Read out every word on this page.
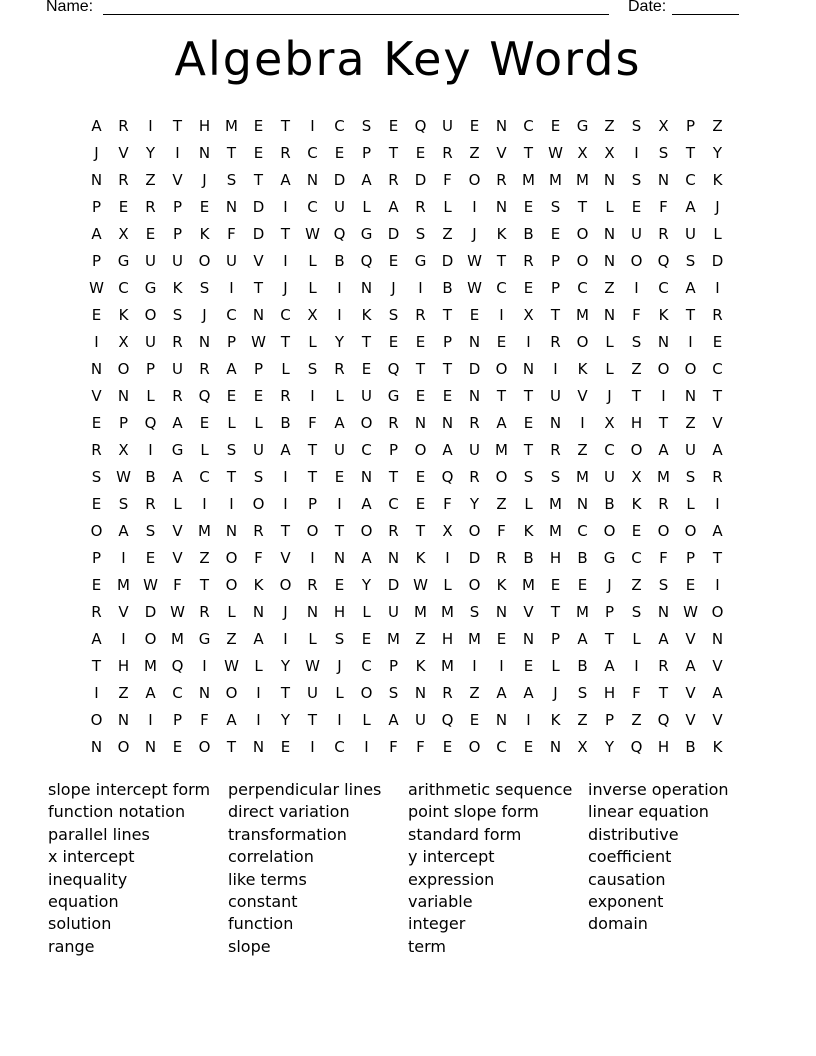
Name:	Date:
Algebra Key Words
A	R	I	T	H M	E	T	I	C	S	E	Q	U	E	N	C	E	G	Z	S	X	P	Z
J	V	Y	I	N	T	E	R	C	E	P	T	E	R	Z	V	T	W X	X	I	S	T	Y
N	R	Z	V	J	S	T	A	N	D	A	R	D	F	O	R	M M M N	S	N	C	K
P	E	R	P	E	N	D	I	C	U	L	A	R	L	I	N	E	S	T	L	E	F	A	J
A	X	E	P	K	F	D	T	W Q	G	D	S	Z	J	K	B	E	O	N	U	R	U	L
P	G	U	U	O	U	V	I	L	B	Q	E	G	D W T	R	P	O	N	O	Q	S	D
W C	G	K	S	I	T	J	L	I	N	J	I	B W C	E	P	C	Z	I	C	A	I
E	K	O	S	J	C	N	C	X	I	K	S	R	T	E	I	X	T	M N	F	K	T	R
I	X	U	R	N	P	W T	L	Y	T	E	E	P	N	E	I	R	O	L	S	N	I	E
N	O	P	U	R	A	P	L	S	R	E	Q	T	T	D	O	N	I	K	L	Z	O	O	C
V	N	L	R	Q	E	E	R	I	L	U	G	E	E	N	T	T	U	V	J	T	I	N	T
E	P	Q	A	E	L	L	B	F	A	O	R	N	N	R	A	E	N	I	X	H	T	Z	V
R	X	I	G	L	S	U	A	T	U	C	P	O	A	U	M	T	R	Z	C	O	A	U	A
S W B	A	C	T	S	I	T	E	N	T	E	Q	R	O	S	S	M	U	X	M	S	R
E	S	R	L	I	I	O	I	P	I	A	C	E	F	Y	Z	L	M N	B	K	R	L	I
O	A	S	V	M N	R	T	O	T	O	R	T	X	O	F	K	M	C	O	E	O	O	A
P	I	E	V	Z	O	F	V	I	N	A	N	K	I	D	R	B	H	B	G	C	F	P	T
E	M W	F	T	O	K	O	R	E	Y	D W	L	O	K	M	E	E	J	Z	S	E	I
R	V	D W R	L	N	J	N	H	L	U	M M	S	N	V	T	M	P	S	N W O
A	I	O M G	Z	A	I	L	S	E	M	Z	H M	E	N	P	A	T	L	A	V	N
T	H M Q	I	W	L	Y	W	J	C	P	K	M	I	I	E	L	B	A	I	R	A	V
I	Z	A	C	N	O	I	T	U	L	O	S	N	R	Z	A	A	J	S	H	F	T	V	A
O	N	I	P	F	A	I	Y	T	I	L	A	U	Q	E	N	I	K	Z	P	Z	Q	V	V
N	O	N	E	O	T	N	E	I	C	I	F	F	E	O	C	E	N	X	Y	Q	H	B	K
slope intercept form
function notation
parallel lines
x intercept
inequality
equation
solution
range
perpendicular lines
direct variation
transformation
correlation
like terms
constant
function
slope
arithmetic sequence
point slope form
standard form
y intercept
expression
variable
integer
term
inverse operation
linear equation
distributive
coefficient
causation
exponent
domain
